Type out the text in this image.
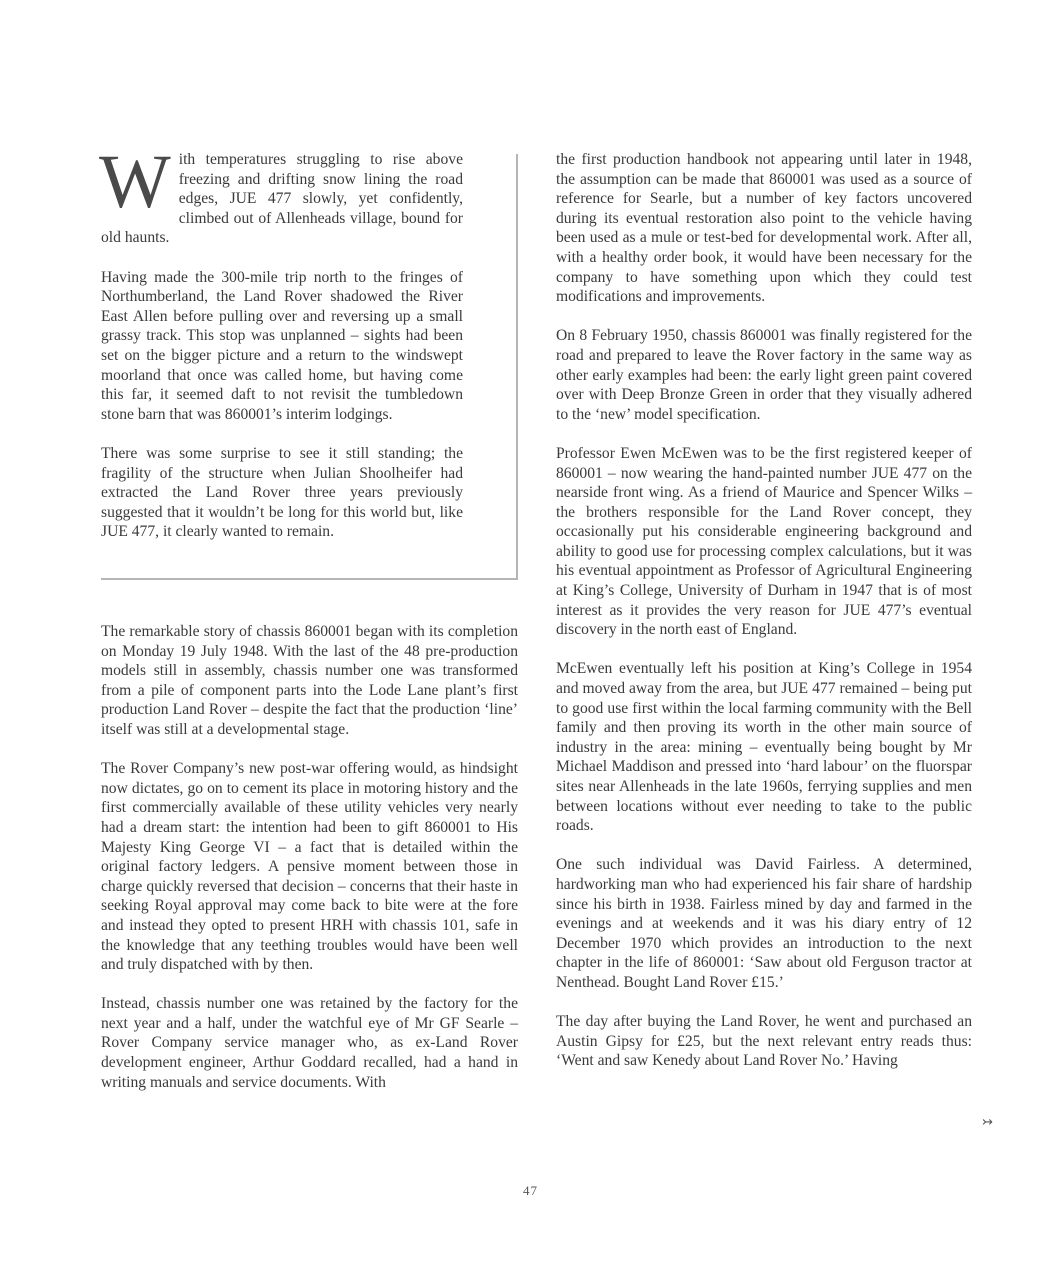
With temperatures struggling to rise above freezing and drifting snow lining the road edges, JUE 477 slowly, yet confidently, climbed out of Allenheads village, bound for old haunts.

Having made the 300-mile trip north to the fringes of Northumberland, the Land Rover shadowed the River East Allen before pulling over and reversing up a small grassy track. This stop was unplanned – sights had been set on the bigger picture and a return to the windswept moorland that once was called home, but having come this far, it seemed daft to not revisit the tumbledown stone barn that was 860001’s interim lodgings.

There was some surprise to see it still standing; the fragility of the structure when Julian Shoolheifer had extracted the Land Rover three years previously suggested that it wouldn’t be long for this world but, like JUE 477, it clearly wanted to remain.

The remarkable story of chassis 860001 began with its completion on Monday 19 July 1948. With the last of the 48 pre-production models still in assembly, chassis number one was transformed from a pile of component parts into the Lode Lane plant’s first production Land Rover – despite the fact that the production ‘line’ itself was still at a developmental stage.

The Rover Company’s new post-war offering would, as hindsight now dictates, go on to cement its place in motoring history and the first commercially available of these utility vehicles very nearly had a dream start: the intention had been to gift 860001 to His Majesty King George VI – a fact that is detailed within the original factory ledgers. A pensive moment between those in charge quickly reversed that decision – concerns that their haste in seeking Royal approval may come back to bite were at the fore and instead they opted to present HRH with chassis 101, safe in the knowledge that any teething troubles would have been well and truly dispatched with by then.

Instead, chassis number one was retained by the factory for the next year and a half, under the watchful eye of Mr GF Searle – Rover Company service manager who, as ex-Land Rover development engineer, Arthur Goddard recalled, had a hand in writing manuals and service documents. With

the first production handbook not appearing until later in 1948, the assumption can be made that 860001 was used as a source of reference for Searle, but a number of key factors uncovered during its eventual restoration also point to the vehicle having been used as a mule or test-bed for developmental work. After all, with a healthy order book, it would have been necessary for the company to have something upon which they could test modifications and improvements.

On 8 February 1950, chassis 860001 was finally registered for the road and prepared to leave the Rover factory in the same way as other early examples had been: the early light green paint covered over with Deep Bronze Green in order that they visually adhered to the ‘new’ model specification.

Professor Ewen McEwen was to be the first registered keeper of 860001 – now wearing the hand-painted number JUE 477 on the nearside front wing. As a friend of Maurice and Spencer Wilks – the brothers responsible for the Land Rover concept, they occasionally put his considerable engineering background and ability to good use for processing complex calculations, but it was his eventual appointment as Professor of Agricultural Engineering at King’s College, University of Durham in 1947 that is of most interest as it provides the very reason for JUE 477’s eventual discovery in the north east of England.

McEwen eventually left his position at King’s College in 1954 and moved away from the area, but JUE 477 remained – being put to good use first within the local farming community with the Bell family and then proving its worth in the other main source of industry in the area: mining – eventually being bought by Mr Michael Maddison and pressed into ‘hard labour’ on the fluorspar sites near Allenheads in the late 1960s, ferrying supplies and men between locations without ever needing to take to the public roads.

One such individual was David Fairless. A determined, hardworking man who had experienced his fair share of hardship since his birth in 1938. Fairless mined by day and farmed in the evenings and at weekends and it was his diary entry of 12 December 1970 which provides an introduction to the next chapter in the life of 860001: ‘Saw about old Ferguson tractor at Nenthead. Bought Land Rover £15.’

The day after buying the Land Rover, he went and purchased an Austin Gipsy for £25, but the next relevant entry reads thus: ‘Went and saw Kenedy about Land Rover No.’ Having

↣
47
